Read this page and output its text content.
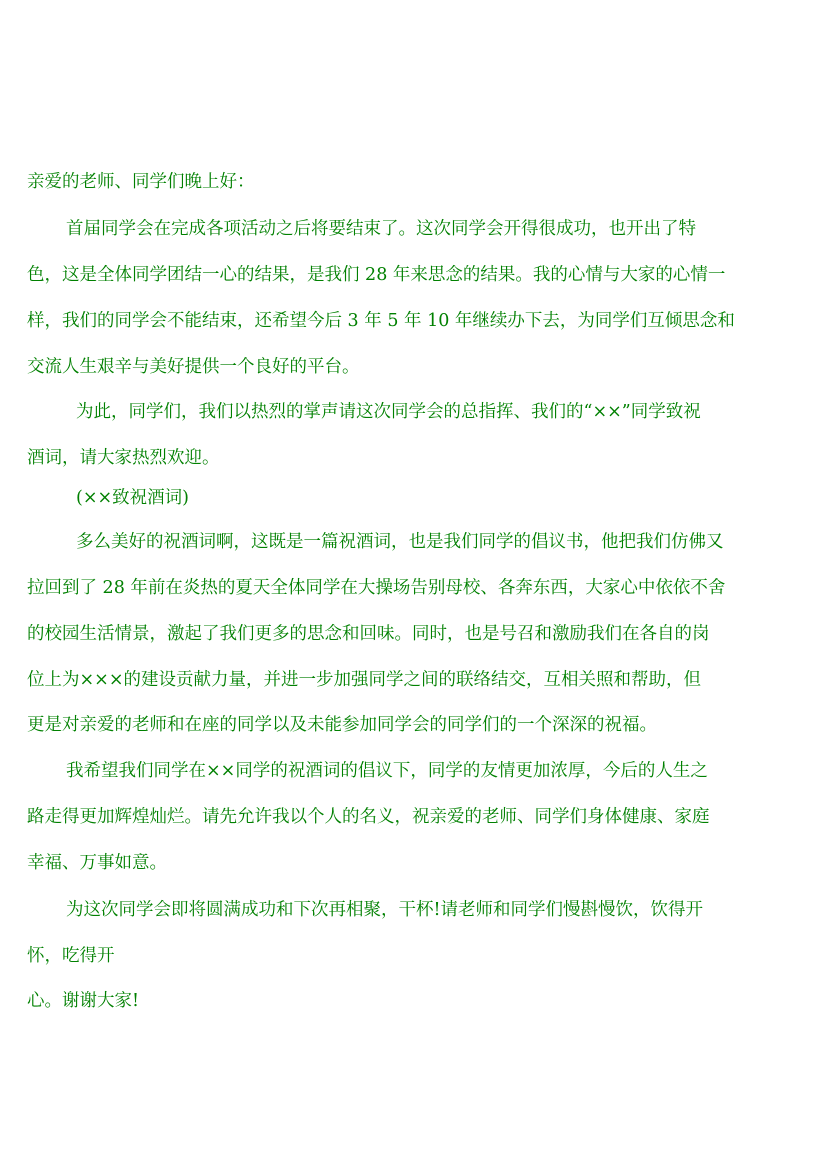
亲爱的老师、同学们晚上好：
首届同学会在完成各项活动之后将要结束了。这次同学会开得很成功，也开出了特
色，这是全体同学团结一心的结果，是我们 28 年来思念的结果。我的心情与大家的心情一
样，我们的同学会不能结束，还希望今后 3 年 5 年 10 年继续办下去，为同学们互倾思念和
交流人生艰辛与美好提供一个良好的平台。
为此，同学们，我们以热烈的掌声请这次同学会的总指挥、我们的“××”同学致祝
酒词，请大家热烈欢迎。
(××致祝酒词)
多么美好的祝酒词啊，这既是一篇祝酒词，也是我们同学的倡议书，他把我们仿佛又
拉回到了 28 年前在炎热的夏天全体同学在大操场告别母校、各奔东西，大家心中依依不舍
的校园生活情景，激起了我们更多的思念和回味。同时，也是号召和激励我们在各自的岗
位上为×××的建设贡献力量，并进一步加强同学之间的联络结交，互相关照和帮助，但
更是对亲爱的老师和在座的同学以及未能参加同学会的同学们的一个深深的祝福。
我希望我们同学在××同学的祝酒词的倡议下，同学的友情更加浓厚，今后的人生之
路走得更加辉煌灿烂。请先允许我以个人的名义，祝亲爱的老师、同学们身体健康、家庭
幸福、万事如意。
为这次同学会即将圆满成功和下次再相聚，干杯!请老师和同学们慢斟慢饮，饮得开
怀，吃得开
心。谢谢大家!
